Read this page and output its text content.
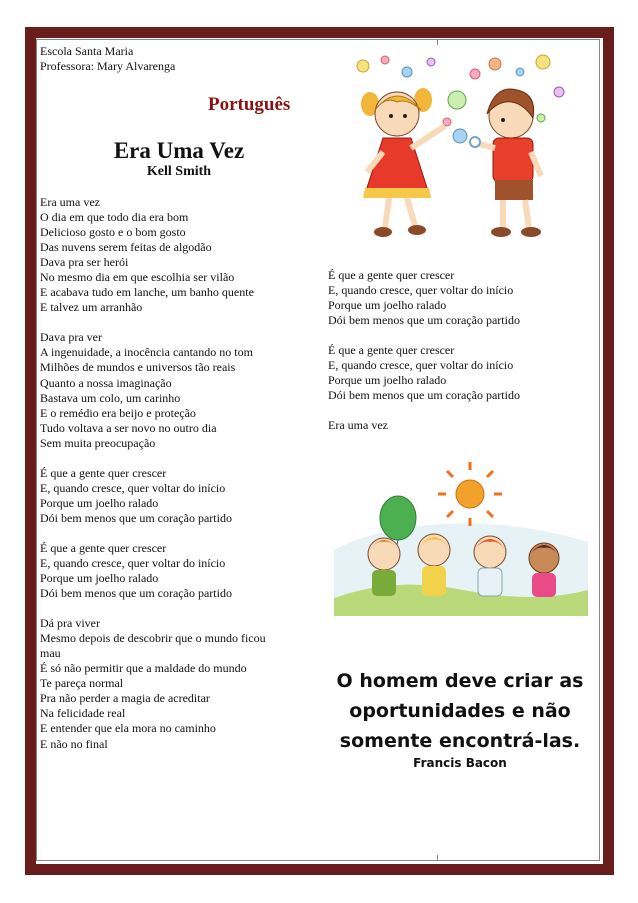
Escola Santa Maria
Professora: Mary Alvarenga
Português
Era Uma Vez
Kell Smith
Era uma vez
O dia em que todo dia era bom
Delicioso gosto e o bom gosto
Das nuvens serem feitas de algodão
Dava pra ser herói
No mesmo dia em que escolhia ser vilão
E acabava tudo em lanche, um banho quente
E talvez um arranhão
Dava pra ver
A ingenuidade, a inocência cantando no tom
Milhões de mundos e universos tão reais
Quanto a nossa imaginação
Bastava um colo, um carinho
E o remédio era beijo e proteção
Tudo voltava a ser novo no outro dia
Sem muita preocupação
É que a gente quer crescer
E, quando cresce, quer voltar do início
Porque um joelho ralado
Dói bem menos que um coração partido
É que a gente quer crescer
E, quando cresce, quer voltar do início
Porque um joelho ralado
Dói bem menos que um coração partido
Dá pra viver
Mesmo depois de descobrir que o mundo ficou
mau
É só não permitir que a maldade do mundo
Te pareça normal
Pra não perder a magia de acreditar
Na felicidade real
E entender que ela mora no caminho
E não no final
É que a gente quer crescer
E, quando cresce, quer voltar do início
Porque um joelho ralado
Dói bem menos que um coração partido
É que a gente quer crescer
E, quando cresce, quer voltar do início
Porque um joelho ralado
Dói bem menos que um coração partido
Era uma vez
O homem deve criar as oportunidades e não somente encontrá-las.
Francis Bacon
